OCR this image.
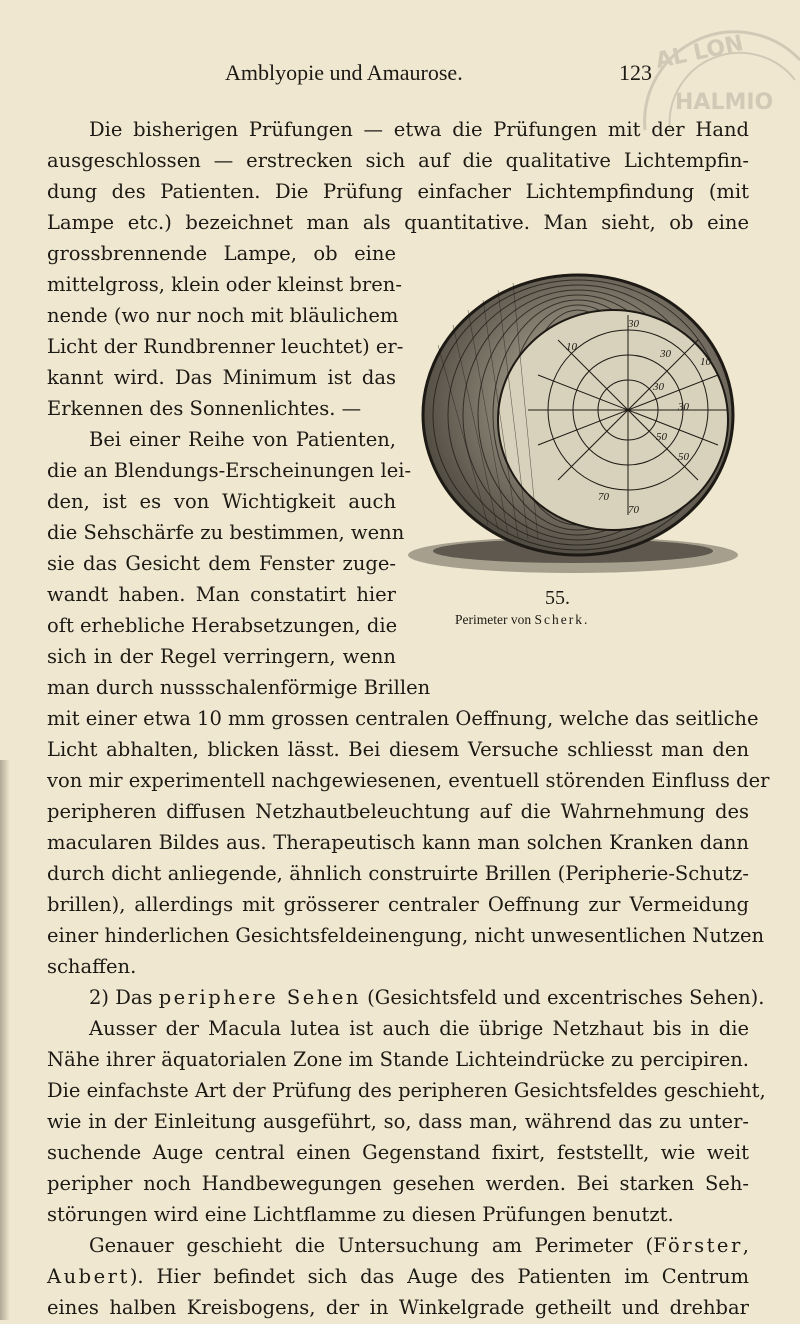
AL LON
HALMIO
Amblyopie und Amaurose.	123
Die bisherigen Prüfungen — etwa die Prüfungen mit der Hand
ausgeschlossen — erstrecken sich auf die qualitative Lichtempfin-
dung des Patienten. Die Prüfung einfacher Lichtempfindung (mit
Lampe etc.) bezeichnet man als quantitative. Man sieht, ob eine
grossbrennende Lampe, ob eine
mittelgross, klein oder kleinst bren-
nende (wo nur noch mit bläulichem
Licht der Rundbrenner leuchtet) er-
kannt wird. Das Minimum ist das
Erkennen des Sonnenlichtes. —
Bei einer Reihe von Patienten,
die an Blendungs-Erscheinungen lei-
den, ist es von Wichtigkeit auch
die Sehschärfe zu bestimmen, wenn
sie das Gesicht dem Fenster zuge-
wandt haben. Man constatirt hier
oft erhebliche Herabsetzungen, die
sich in der Regel verringern, wenn
man durch nussschalenförmige Brillen
mit einer etwa 10 mm grossen centralen Oeffnung, welche das seitliche
Licht abhalten, blicken lässt. Bei diesem Versuche schliesst man den
von mir experimentell nachgewiesenen, eventuell störenden Einfluss der
peripheren diffusen Netzhautbeleuchtung auf die Wahrnehmung des
macularen Bildes aus. Therapeutisch kann man solchen Kranken dann
durch dicht anliegende, ähnlich construirte Brillen (Peripherie-Schutz-
brillen), allerdings mit grösserer centraler Oeffnung zur Vermeidung
einer hinderlichen Gesichtsfeldeinengung, nicht unwesentlichen Nutzen
schaffen.
2) Das periphere Sehen (Gesichtsfeld und excentrisches Sehen).
Ausser der Macula lutea ist auch die übrige Netzhaut bis in die
Nähe ihrer äquatorialen Zone im Stande Lichteindrücke zu percipiren.
Die einfachste Art der Prüfung des peripheren Gesichtsfeldes geschieht,
wie in der Einleitung ausgeführt, so, dass man, während das zu unter-
suchende Auge central einen Gegenstand fixirt, feststellt, wie weit
peripher noch Handbewegungen gesehen werden. Bei starken Seh-
störungen wird eine Lichtflamme zu diesen Prüfungen benutzt.
Genauer geschieht die Untersuchung am Perimeter (Förster,
Aubert). Hier befindet sich das Auge des Patienten im Centrum
eines halben Kreisbogens, der in Winkelgrade getheilt und drehbar
10
30
30
10
30
30
50
50
70
70
55.
Perimeter von Scherk.
